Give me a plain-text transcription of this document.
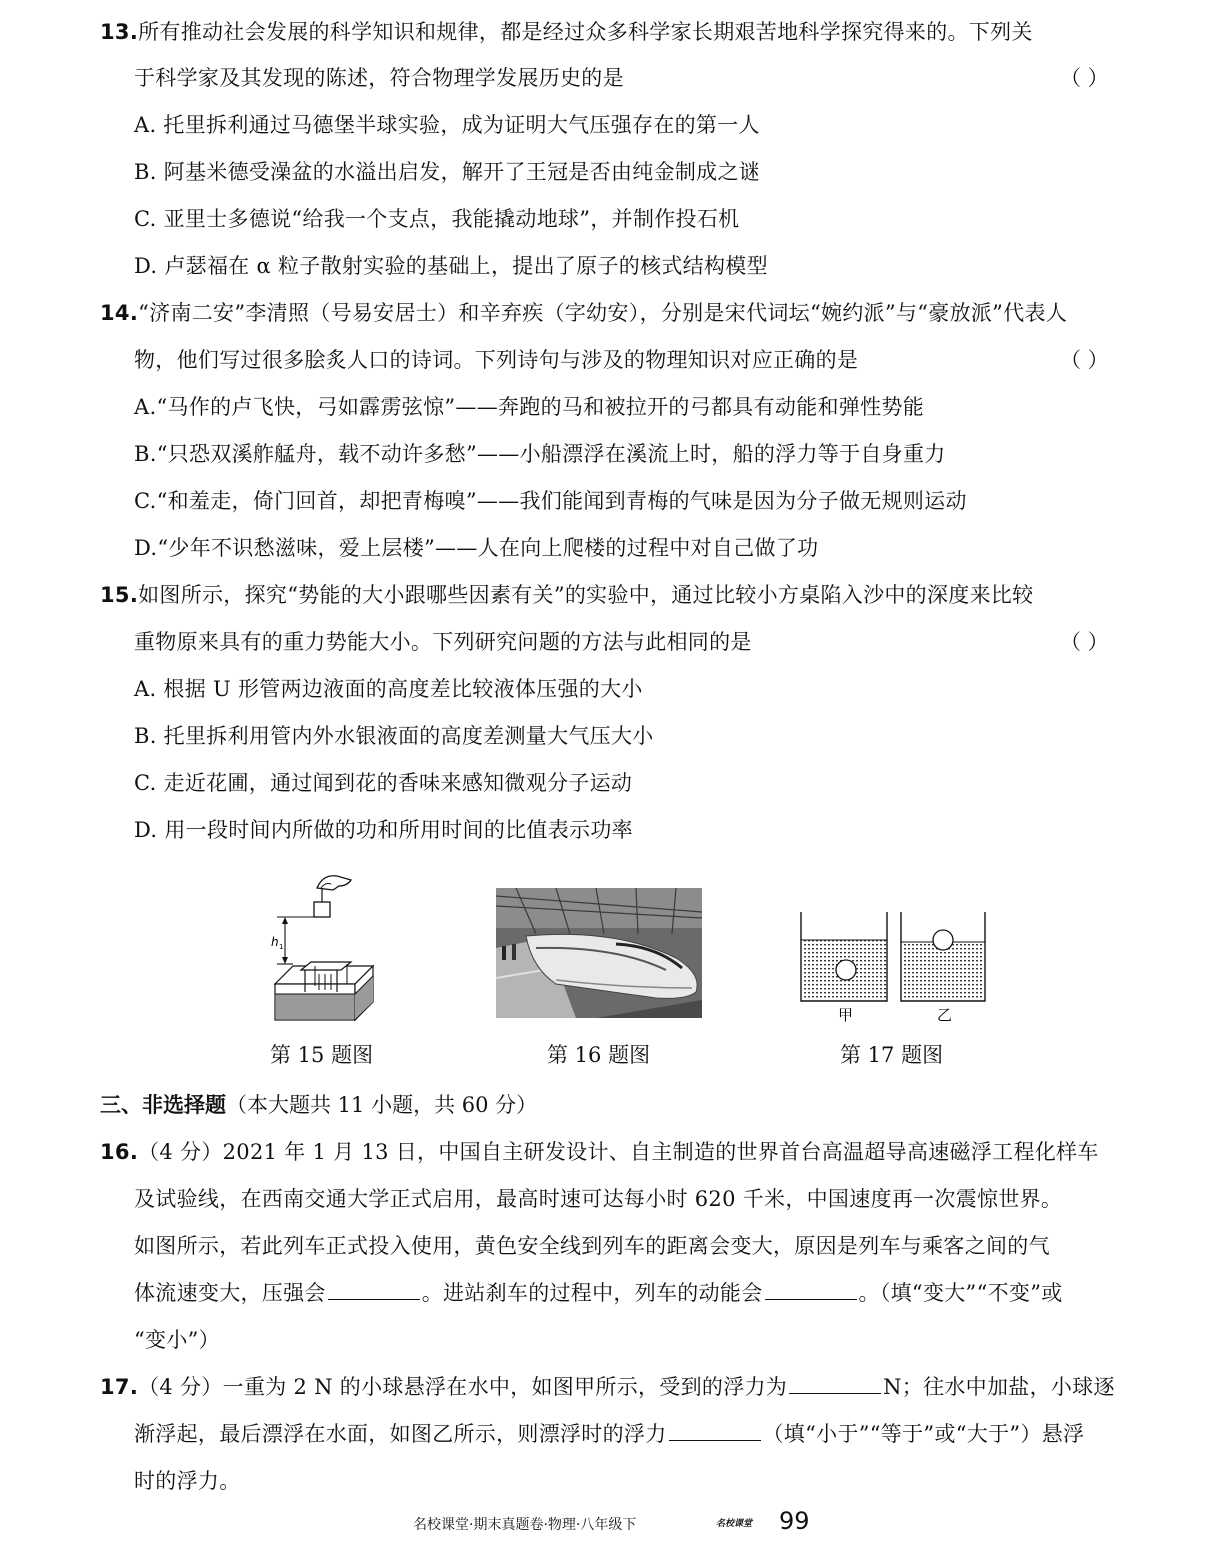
13.所有推动社会发展的科学知识和规律，都是经过众多科学家长期艰苦地科学探究得来的。下列关
于科学家及其发现的陈述，符合物理学发展历史的是	（ ）
A. 托里拆利通过马德堡半球实验，成为证明大气压强存在的第一人
B. 阿基米德受澡盆的水溢出启发，解开了王冠是否由纯金制成之谜
C. 亚里士多德说“给我一个支点，我能撬动地球”，并制作投石机
D. 卢瑟福在 α 粒子散射实验的基础上，提出了原子的核式结构模型
14.“济南二安”李清照（号易安居士）和辛弃疾（字幼安），分别是宋代词坛“婉约派”与“豪放派”代表人
物，他们写过很多脍炙人口的诗词。下列诗句与涉及的物理知识对应正确的是	（ ）
A.“马作的卢飞快，弓如霹雳弦惊”——奔跑的马和被拉开的弓都具有动能和弹性势能
B.“只恐双溪舴艋舟，载不动许多愁”——小船漂浮在溪流上时，船的浮力等于自身重力
C.“和羞走，倚门回首，却把青梅嗅”——我们能闻到青梅的气味是因为分子做无规则运动
D.“少年不识愁滋味，爱上层楼”——人在向上爬楼的过程中对自己做了功
15.如图所示，探究“势能的大小跟哪些因素有关”的实验中，通过比较小方桌陷入沙中的深度来比较
重物原来具有的重力势能大小。下列研究问题的方法与此相同的是	（ ）
A. 根据 U 形管两边液面的高度差比较液体压强的大小
B. 托里拆利用管内外水银液面的高度差测量大气压大小
C. 走近花圃，通过闻到花的香味来感知微观分子运动
D. 用一段时间内所做的功和所用时间的比值表示功率
h 1
第 15 题图	第 16 题图
甲	乙
第 17 题图
三、非选择题（本大题共 11 小题，共 60 分）
16.（4 分）2021 年 1 月 13 日，中国自主研发设计、自主制造的世界首台高温超导高速磁浮工程化样车
及试验线，在西南交通大学正式启用，最高时速可达每小时 620 千米，中国速度再一次震惊世界。
如图所示，若此列车正式投入使用，黄色安全线到列车的距离会变大，原因是列车与乘客之间的气
体流速变大，压强会	。进站刹车的过程中，列车的动能会	。（填“变大”“不变”或
“变小”）
17.（4 分）一重为 2 N 的小球悬浮在水中，如图甲所示，受到的浮力为	N；往水中加盐，小球逐
渐浮起，最后漂浮在水面，如图乙所示，则漂浮时的浮力	（填“小于”“等于”或“大于”）悬浮
时的浮力。
名校课堂·期末真题卷·物理·八年级下	名校课堂 99
